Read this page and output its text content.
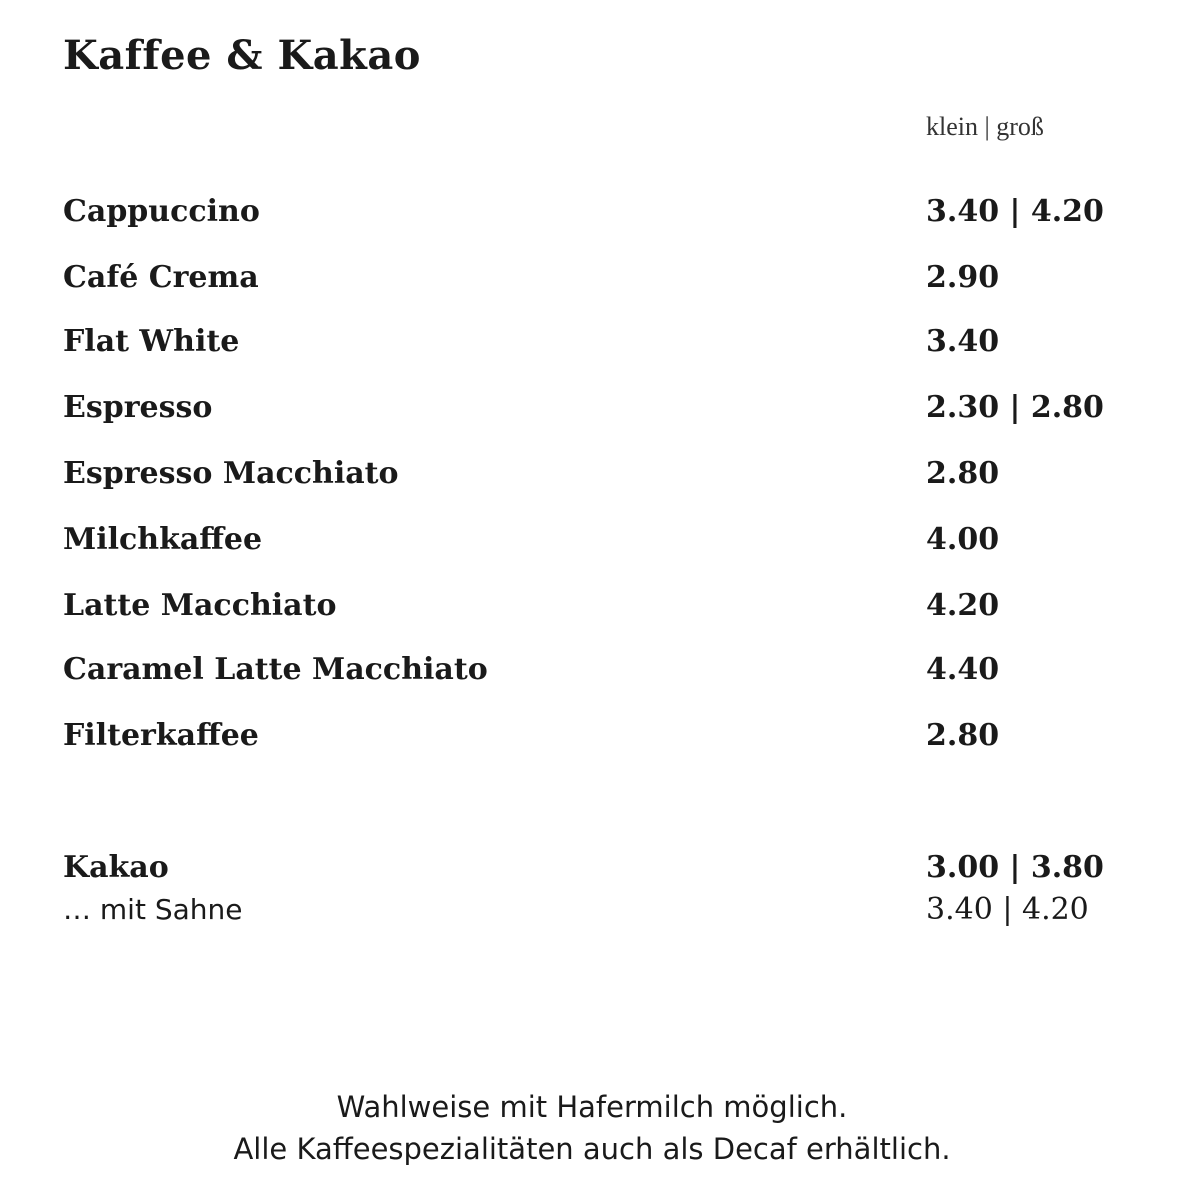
Kaffee & Kakao
klein | groß
Cappuccino	3.40 | 4.20
Café Crema	2.90
Flat White	3.40
Espresso	2.30 | 2.80
Espresso Macchiato	2.80
Milchkaffee	4.00
Latte Macchiato	4.20
Caramel Latte Macchiato	4.40
Filterkaffee	2.80
Kakao	3.00 | 3.80
… mit Sahne	3.40 | 4.20
Wahlweise mit Hafermilch möglich.
Alle Kaffeespezialitäten auch als Decaf erhältlich.
